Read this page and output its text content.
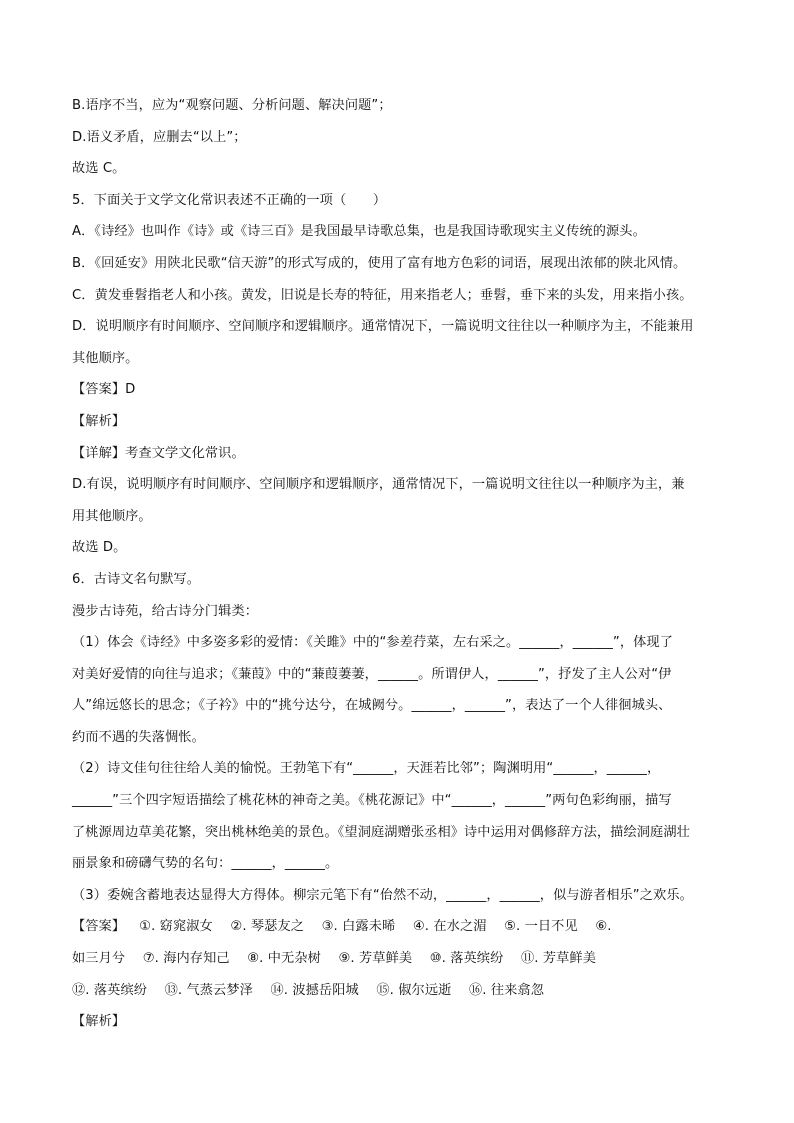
B.语序不当，应为“观察问题、分析问题、解决问题”；
D.语义矛盾，应删去“以上”；
故选 C。
5．下面关于文学文化常识表述不正确的一项（　　）
A．《诗经》也叫作《诗》或《诗三百》是我国最早诗歌总集，也是我国诗歌现实主义传统的源头。
B．《回延安》用陕北民歌“信天游”的形式写成的，使用了富有地方色彩的词语，展现出浓郁的陕北风情。
C．黄发垂髫指老人和小孩。黄发，旧说是长寿的特征，用来指老人；垂髫，垂下来的头发，用来指小孩。
D．说明顺序有时间顺序、空间顺序和逻辑顺序。通常情况下，一篇说明文往往以一种顺序为主，不能兼用
其他顺序。
【答案】D
【解析】
【详解】考查文学文化常识。
D.有误，说明顺序有时间顺序、空间顺序和逻辑顺序，通常情况下，一篇说明文往往以一种顺序为主，兼
用其他顺序。
故选 D。
6．古诗文名句默写。
漫步古诗苑，给古诗分门辑类：
（1）体会《诗经》中多姿多彩的爱情：《关雎》中的“参差荇菜，左右采之。______，______”，体现了
对美好爱情的向往与追求；《蒹葭》中的“蒹葭萋萋，______。所谓伊人，______”，抒发了主人公对“伊
人”绵远悠长的思念；《子衿》中的“挑兮达兮，在城阙兮。______，______”，表达了一个人徘徊城头、
约而不遇的失落惆怅。
（2）诗文佳句往往给人美的愉悦。王勃笔下有“______，天涯若比邻”；陶渊明用“______，______，
______”三个四字短语描绘了桃花林的神奇之美。《桃花源记》中“______，______”两句色彩绚丽，描写
了桃源周边草美花繁，突出桃林绝美的景色。《望洞庭湖赠张丞相》诗中运用对偶修辞方法，描绘洞庭湖壮
丽景象和磅礴气势的名句：______，______。
（3）委婉含蓄地表达显得大方得体。柳宗元笔下有“佁然不动，______，______，似与游者相乐”之欢乐。
【答案】 ①. 窈窕淑女　 ②. 琴瑟友之　 ③. 白露未晞　 ④. 在水之湄　 ⑤. 一日不见　 ⑥.
如三月兮　 ⑦. 海内存知己　 ⑧. 中无杂树　 ⑨. 芳草鲜美　 ⑩. 落英缤纷　 ⑪. 芳草鲜美
⑫. 落英缤纷　 ⑬. 气蒸云梦泽　 ⑭. 波撼岳阳城　 ⑮. 俶尔远逝　 ⑯. 往来翕忽
【解析】
